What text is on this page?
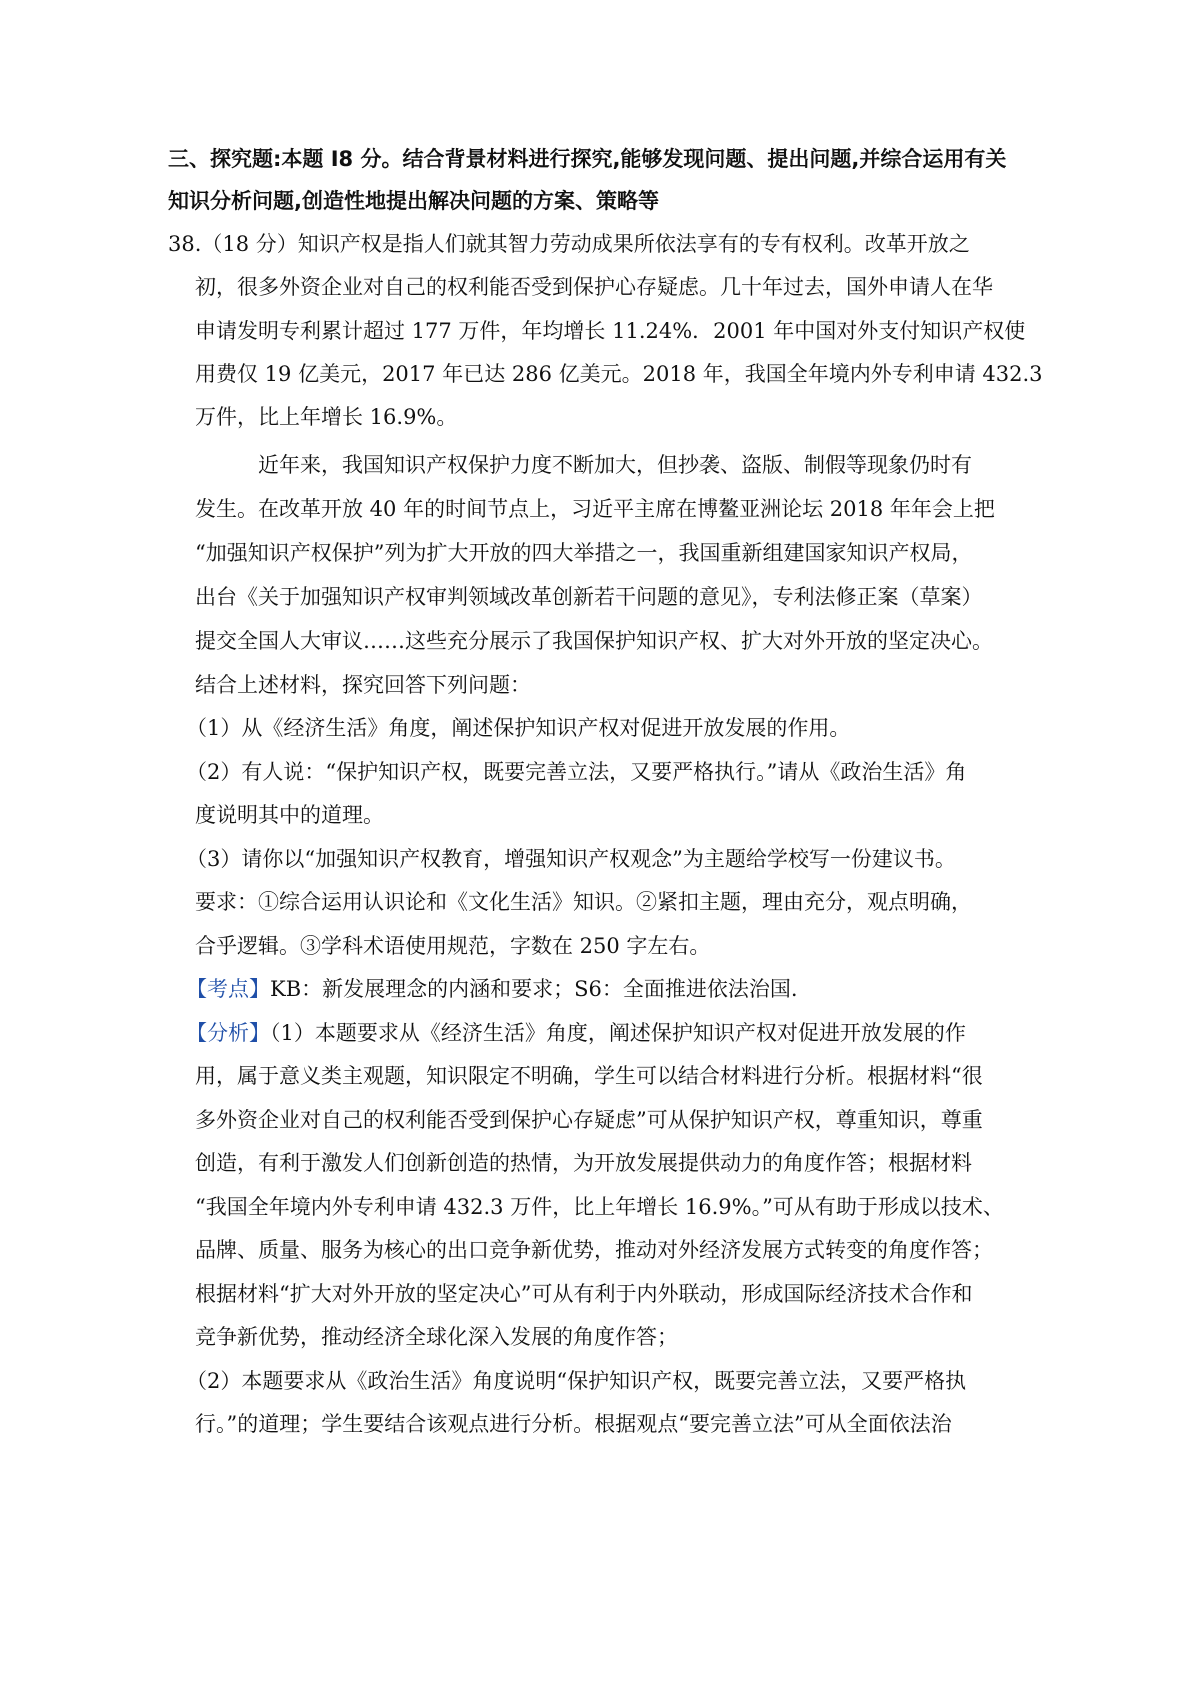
三、探究题:本题 I8 分。结合背景材料进行探究,能够发现问题、提出问题,并综合运用有关
知识分析问题,创造性地提出解决问题的方案、策略等
38.（18 分）知识产权是指人们就其智力劳动成果所依法享有的专有权利。改革开放之
初，很多外资企业对自己的权利能否受到保护心存疑虑。几十年过去，国外申请人在华
申请发明专利累计超过 177 万件，年均增长 11.24%．2001 年中国对外支付知识产权使
用费仅 19 亿美元，2017 年已达 286 亿美元。2018 年，我国全年境内外专利申请 432.3
万件，比上年增长 16.9%。
近年来，我国知识产权保护力度不断加大，但抄袭、盗版、制假等现象仍时有
发生。在改革开放 40 年的时间节点上，习近平主席在博鳌亚洲论坛 2018 年年会上把
“加强知识产权保护”列为扩大开放的四大举措之一，我国重新组建国家知识产权局，
出台《关于加强知识产权审判领域改革创新若干问题的意见》，专利法修正案（草案）
提交全国人大审议……这些充分展示了我国保护知识产权、扩大对外开放的坚定决心。
结合上述材料，探究回答下列问题：
（1）从《经济生活》角度，阐述保护知识产权对促进开放发展的作用。
（2）有人说：“保护知识产权，既要完善立法，又要严格执行。”请从《政治生活》角
度说明其中的道理。
（3）请你以“加强知识产权教育，增强知识产权观念”为主题给学校写一份建议书。
要求：①综合运用认识论和《文化生活》知识。②紧扣主题，理由充分，观点明确，
合乎逻辑。③学科术语使用规范，字数在 250 字左右。
【考点】KB：新发展理念的内涵和要求；S6：全面推进依法治国.
【分析】（1）本题要求从《经济生活》角度，阐述保护知识产权对促进开放发展的作
用，属于意义类主观题，知识限定不明确，学生可以结合材料进行分析。根据材料“很
多外资企业对自己的权利能否受到保护心存疑虑”可从保护知识产权，尊重知识，尊重
创造，有利于激发人们创新创造的热情，为开放发展提供动力的角度作答；根据材料
“我国全年境内外专利申请 432.3 万件，比上年增长 16.9%。”可从有助于形成以技术、
品牌、质量、服务为核心的出口竞争新优势，推动对外经济发展方式转变的角度作答；
根据材料“扩大对外开放的坚定决心”可从有利于内外联动，形成国际经济技术合作和
竞争新优势，推动经济全球化深入发展的角度作答；
（2）本题要求从《政治生活》角度说明“保护知识产权，既要完善立法，又要严格执
行。”的道理；学生要结合该观点进行分析。根据观点“要完善立法”可从全面依法治
